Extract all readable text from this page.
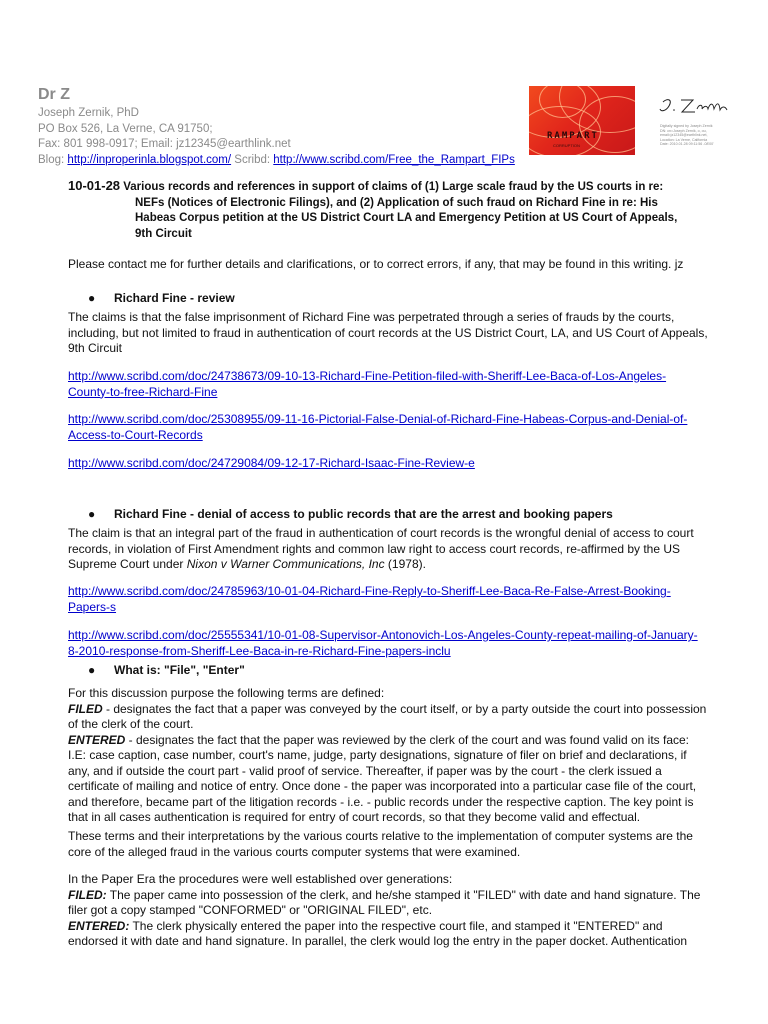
Dr Z

Joseph Zernik, PhD
PO Box 526, La Verne, CA 91750;
Fax: 801 998-0917; Email: jz12345@earthlink.net
Blog: http://inproperinla.blogspot.com/ Scribd: http://www.scribd.com/Free_the_Rampart_FIPs
RAMPART
CORRUPTION
Digitally signed by Joseph Zernik
DN: cn=Joseph Zernik, o, ou,
email=jz12345@earthlink.net,
Location: La Verne, California
Date: 2010.01.28 09:11:56 -08'00'

10-01-28 Various records and references in support of claims of (1) Large scale fraud by the US courts in re:
NEFs (Notices of Electronic Filings), and (2) Application of such fraud on Richard Fine in re: His
Habeas Corpus petition at the US District Court LA and Emergency Petition at US Court of Appeals,
9th Circuit

Please contact me for further details and clarifications, or to correct errors, if any, that may be found in this writing. jz

● Richard Fine - review

The claims is that the false imprisonment of Richard Fine was perpetrated through a series of frauds by the courts, including, but not limited to fraud in authentication of court records at the US District Court, LA, and US Court of Appeals, 9th Circuit

http://www.scribd.com/doc/24738673/09-10-13-Richard-Fine-Petition-filed-with-Sheriff-Lee-Baca-of-Los-Angeles-County-to-free-Richard-Fine

http://www.scribd.com/doc/25308955/09-11-16-Pictorial-False-Denial-of-Richard-Fine-Habeas-Corpus-and-Denial-of-Access-to-Court-Records

http://www.scribd.com/doc/24729084/09-12-17-Richard-Isaac-Fine-Review-e

● Richard Fine - denial of access to public records that are the arrest and booking papers

The claim is that an integral part of the fraud in authentication of court records is the wrongful denial of access to court records, in violation of First Amendment rights and common law right to access court records, re-affirmed by the US Supreme Court under Nixon v Warner Communications, Inc (1978).

http://www.scribd.com/doc/24785963/10-01-04-Richard-Fine-Reply-to-Sheriff-Lee-Baca-Re-False-Arrest-Booking-Papers-s

http://www.scribd.com/doc/25555341/10-01-08-Supervisor-Antonovich-Los-Angeles-County-repeat-mailing-of-January-8-2010-response-from-Sheriff-Lee-Baca-in-re-Richard-Fine-papers-inclu

● What is: "File", "Enter"

For this discussion purpose the following terms are defined:
FILED - designates the fact that a paper was conveyed by the court itself, or by a party outside the court into possession of the clerk of the court.
ENTERED - designates the fact that the paper was reviewed by the clerk of the court and was found valid on its face: I.E: case caption, case number, court's name, judge, party designations, signature of filer on brief and declarations, if any, and if outside the court part - valid proof of service. Thereafter, if paper was by the court - the clerk issued a certificate of mailing and notice of entry. Once done - the paper was incorporated into a particular case file of the court, and therefore, became part of the litigation records - i.e. - public records under the respective caption. The key point is that in all cases authentication is required for entry of court records, so that they become valid and effectual.

These terms and their interpretations by the various courts relative to the implementation of computer systems are the core of the alleged fraud in the various courts computer systems that were examined.

In the Paper Era the procedures were well established over generations:
FILED: The paper came into possession of the clerk, and he/she stamped it "FILED" with date and hand signature. The filer got a copy stamped "CONFORMED" or "ORIGINAL FILED", etc.
ENTERED: The clerk physically entered the paper into the respective court file, and stamped it "ENTERED" and endorsed it with date and hand signature. In parallel, the clerk would log the entry in the paper docket. Authentication
